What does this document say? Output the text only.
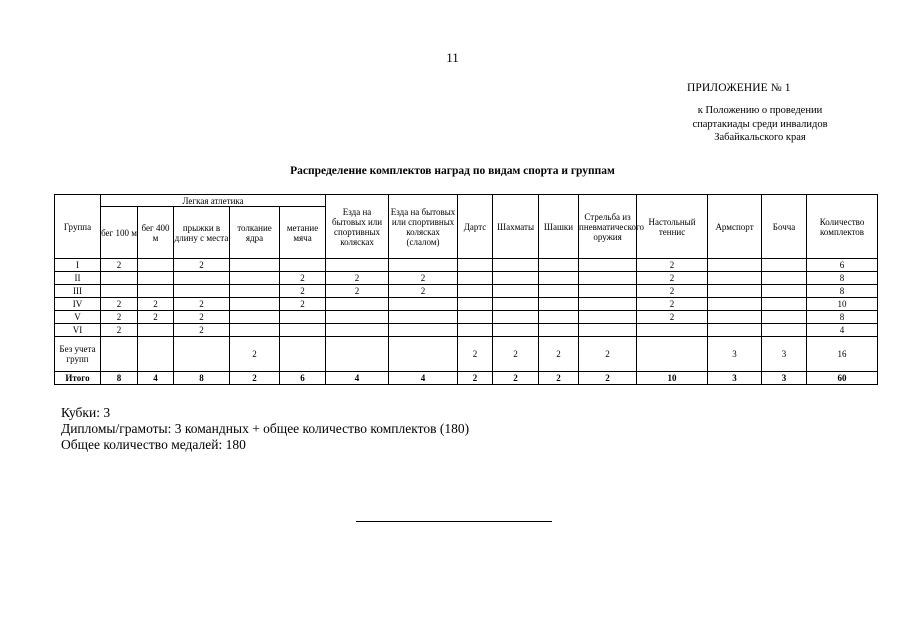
11
ПРИЛОЖЕНИЕ № 1
к Положению о проведении
спартакиады среди инвалидов
Забайкальского края
Распределение комплектов наград по видам спорта и группам
Группа	Легкая атлетика					Езда на бытовых или спортивных колясках	Езда на бытовых или спортивных колясках (слалом)	Дартс	Шахматы	Шашки	Стрельба из пневматического оружия	Настольный теннис	Армспорт	Бочча	Количество комплектов
	бег 100 м	бег 400 м	прыжки в длину с места	толкание ядра	метание мяча										
I	2		2									2			6
II					2	2	2					2			8
III					2	2	2					2			8
IV	2	2	2		2							2			10
V	2	2	2									2			8
VI	2		2												4
Без учета групп				2				2	2	2	2		3	3	16
Итого	8	4	8	2	6	4	4	2	2	2	2	10	3	3	60
Кубки: 3
Дипломы/грамоты: 3 командных + общее количество комплектов (180)
Общее количество медалей: 180
